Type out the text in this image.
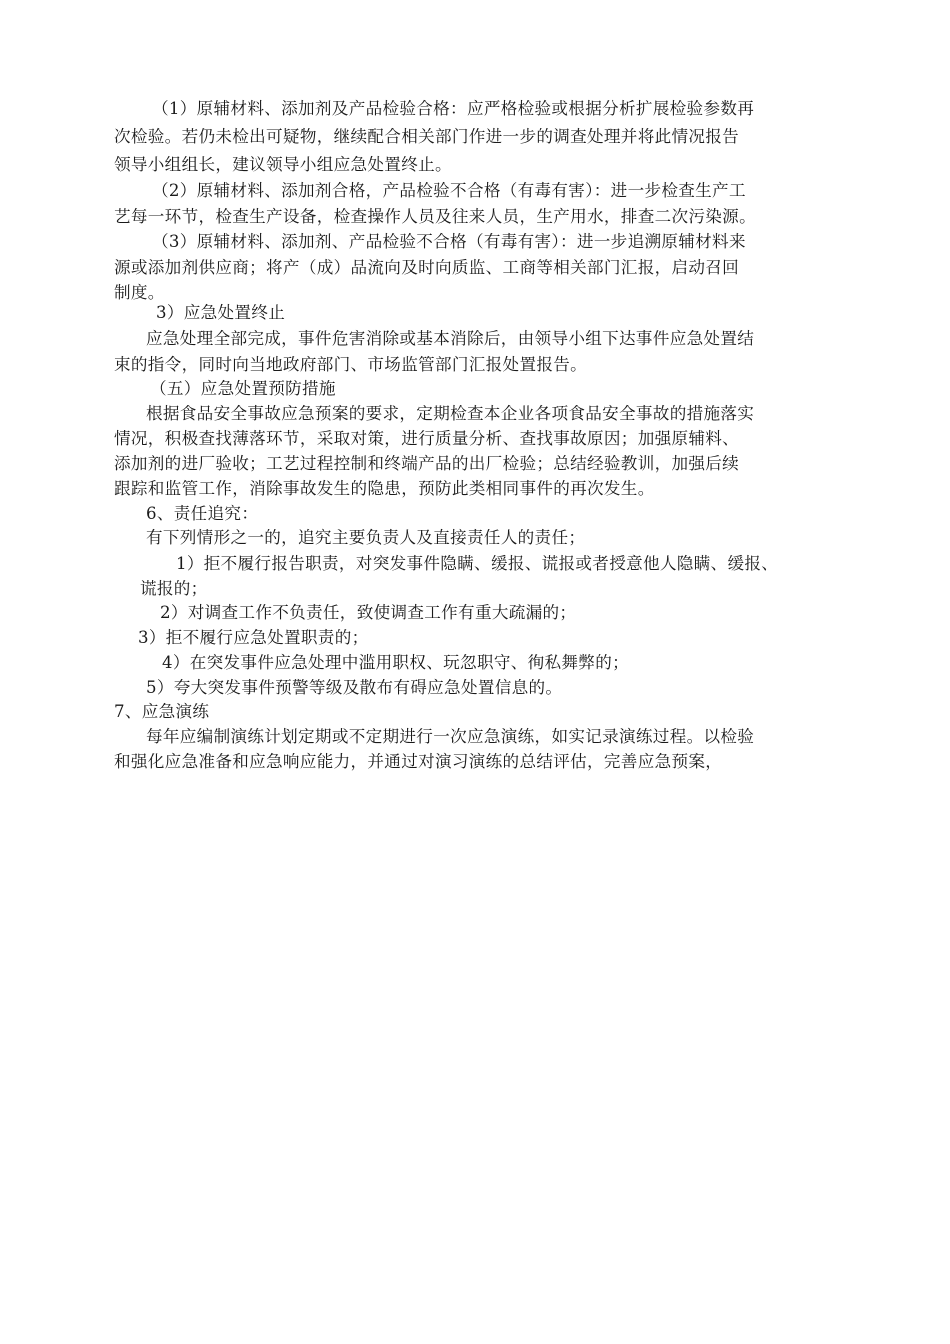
（1）原辅材料、添加剂及产品检验合格：应严格检验或根据分析扩展检验参数再
次检验。若仍未检出可疑物，继续配合相关部门作进一步的调查处理并将此情况报告
领导小组组长，建议领导小组应急处置终止。
（2）原辅材料、添加剂合格，产品检验不合格（有毒有害）：进一步检查生产工
艺每一环节，检查生产设备，检查操作人员及往来人员，生产用水，排查二次污染源。
（3）原辅材料、添加剂、产品检验不合格（有毒有害）：进一步追溯原辅材料来
源或添加剂供应商；将产（成）品流向及时向质监、工商等相关部门汇报，启动召回
制度。
3）应急处置终止
应急处理全部完成，事件危害消除或基本消除后，由领导小组下达事件应急处置结
束的指令，同时向当地政府部门、市场监管部门汇报处置报告。
（五）应急处置预防措施
根据食品安全事故应急预案的要求，定期检查本企业各项食品安全事故的措施落实
情况，积极查找薄落环节，采取对策，进行质量分析、查找事故原因；加强原辅料、
添加剂的进厂验收；工艺过程控制和终端产品的出厂检验；总结经验教训，加强后续
跟踪和监管工作，消除事故发生的隐患，预防此类相同事件的再次发生。
6、责任追究：
有下列情形之一的，追究主要负责人及直接责任人的责任；
1）拒不履行报告职责，对突发事件隐瞒、缓报、谎报或者授意他人隐瞒、缓报、
谎报的；
2）对调查工作不负责任，致使调查工作有重大疏漏的；
3）拒不履行应急处置职责的；
4）在突发事件应急处理中滥用职权、玩忽职守、徇私舞弊的；
5）夸大突发事件预警等级及散布有碍应急处置信息的。
7、应急演练
每年应编制演练计划定期或不定期进行一次应急演练，如实记录演练过程。以检验
和强化应急准备和应急响应能力，并通过对演习演练的总结评估，完善应急预案，
